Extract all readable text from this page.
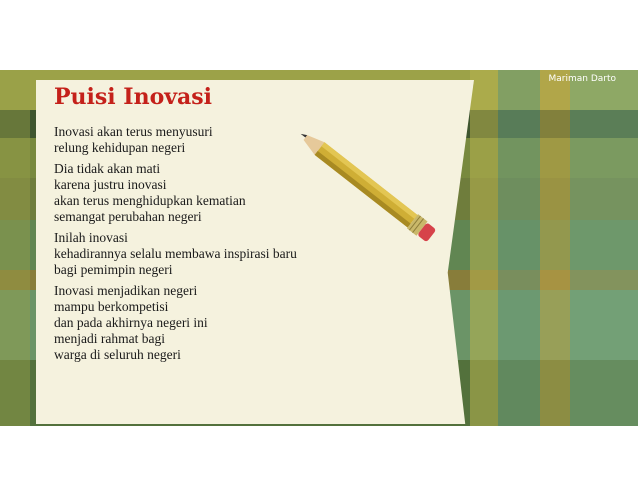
Mariman Darto
Puisi Inovasi
Inovasi akan terus menyusuri
relung kehidupan negeri
Dia tidak akan mati
karena justru inovasi
akan terus menghidupkan kematian
semangat perubahan negeri
Inilah inovasi
kehadirannya selalu membawa inspirasi baru
bagi pemimpin negeri
Inovasi menjadikan negeri
mampu berkompetisi
dan pada akhirnya negeri ini
menjadi rahmat bagi
warga di seluruh negeri
